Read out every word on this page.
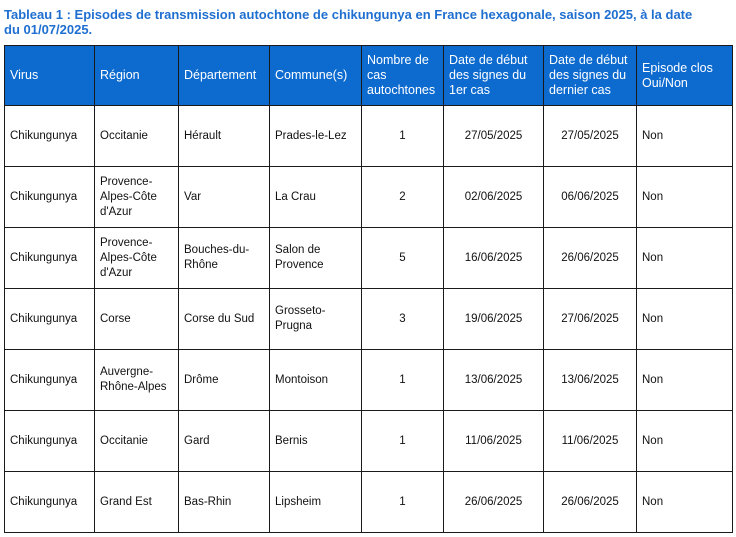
Tableau 1 : Episodes de transmission autochtone de chikungunya en France hexagonale, saison 2025, à la date du 01/07/2025.
Virus	Région	Département	Commune(s)	Nombre de cas autochtones	Date de début des signes du 1er cas	Date de début des signes du dernier cas	Episode clos Oui/Non
Chikungunya	Occitanie	Hérault	Prades-le-Lez	1	27/05/2025	27/05/2025	Non
Chikungunya	Provence-Alpes-Côte d'Azur	Var	La Crau	2	02/06/2025	06/06/2025	Non
Chikungunya	Provence-Alpes-Côte d'Azur	Bouches-du-Rhône	Salon de Provence	5	16/06/2025	26/06/2025	Non
Chikungunya	Corse	Corse du Sud	Grosseto-Prugna	3	19/06/2025	27/06/2025	Non
Chikungunya	Auvergne-Rhône-Alpes	Drôme	Montoison	1	13/06/2025	13/06/2025	Non
Chikungunya	Occitanie	Gard	Bernis	1	11/06/2025	11/06/2025	Non
Chikungunya	Grand Est	Bas-Rhin	Lipsheim	1	26/06/2025	26/06/2025	Non
